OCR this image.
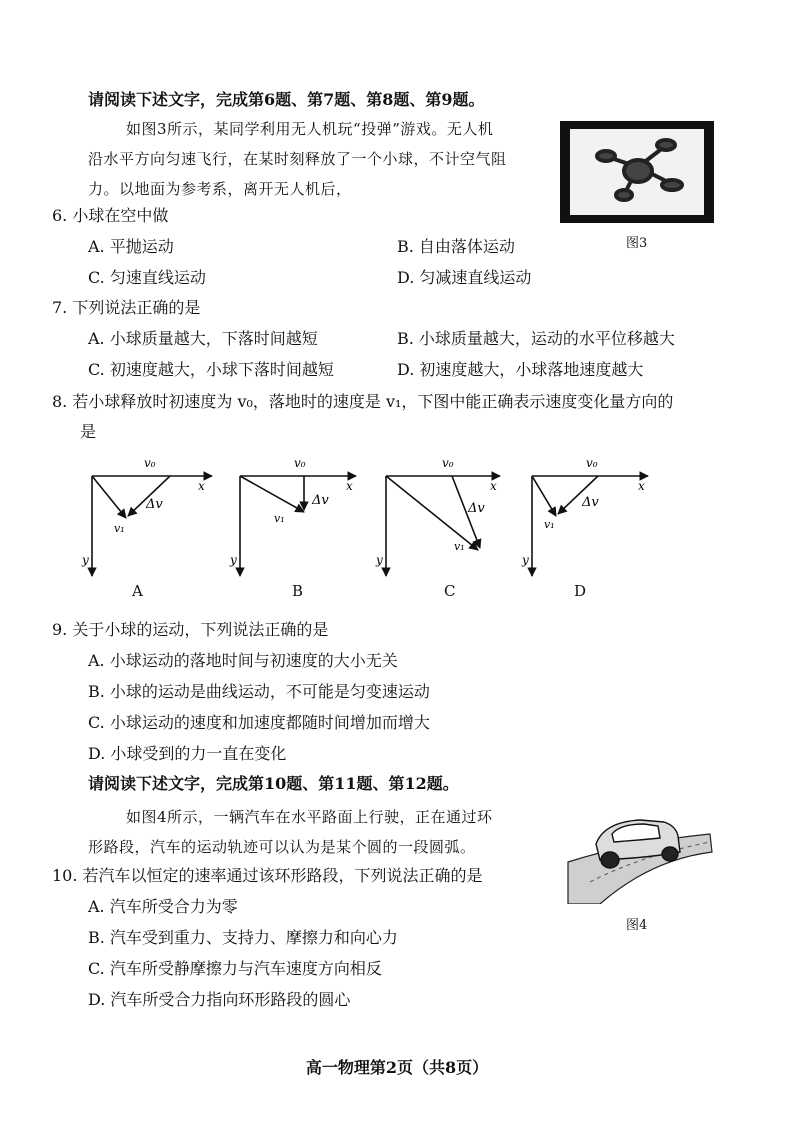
请阅读下述文字，完成第6题、第7题、第8题、第9题。
如图3所示，某同学利用无人机玩“投弹”游戏。无人机
沿水平方向匀速飞行，在某时刻释放了一个小球，不计空气阻
力。以地面为参考系，离开无人机后，
图3
6. 小球在空中做
A. 平抛运动	B. 自由落体运动
C. 匀速直线运动	D. 匀减速直线运动
7. 下列说法正确的是
A. 小球质量越大，下落时间越短	B. 小球质量越大，运动的水平位移越大
C. 初速度越大，小球下落时间越短	D. 初速度越大，小球落地速度越大
8. 若小球释放时初速度为 v₀，落地时的速度是 v₁，下图中能正确表示速度变化量方向的
是
v₀
x
y
v₁
Δv
v₀
x
y
v₁
Δv
v₀
x
y
v₁
Δv
v₀
x
y
v₁
Δv
A	B	C	D
9. 关于小球的运动，下列说法正确的是
A. 小球运动的落地时间与初速度的大小无关
B. 小球的运动是曲线运动，不可能是匀变速运动
C. 小球运动的速度和加速度都随时间增加而增大
D. 小球受到的力一直在变化
请阅读下述文字，完成第10题、第11题、第12题。
如图4所示，一辆汽车在水平路面上行驶，正在通过环
形路段，汽车的运动轨迹可以认为是某个圆的一段圆弧。
图4
10. 若汽车以恒定的速率通过该环形路段，下列说法正确的是
A. 汽车所受合力为零
B. 汽车受到重力、支持力、摩擦力和向心力
C. 汽车所受静摩擦力与汽车速度方向相反
D. 汽车所受合力指向环形路段的圆心
高一物理第2页（共8页）
